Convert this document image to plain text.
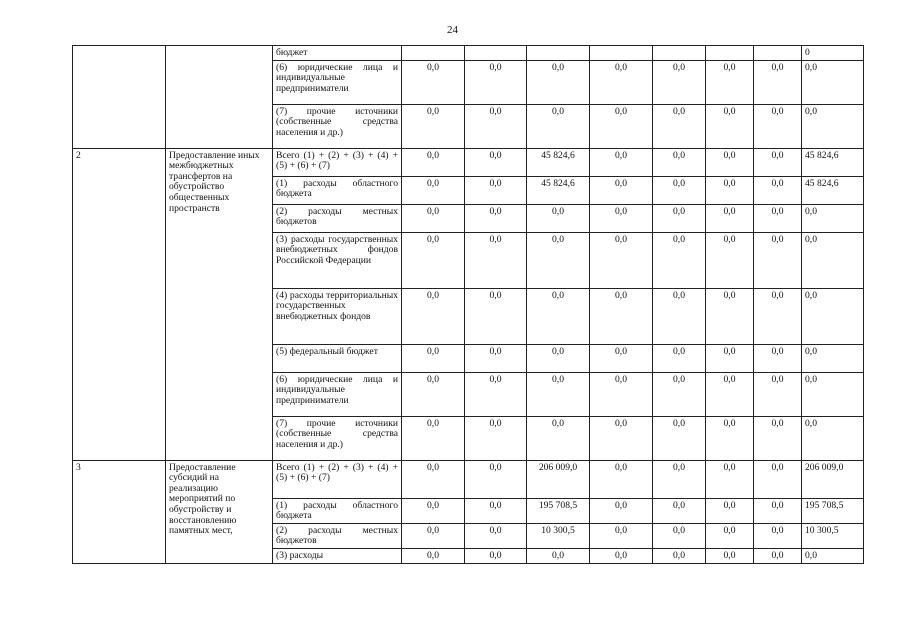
24
		бюджет								0
		(6) юридические лица и индивидуальные предприниматели	0,0	0,0	0,0	0,0	0,0	0,0	0,0	0,0
		(7) прочие источники (собственные средства населения и др.)	0,0	0,0	0,0	0,0	0,0	0,0	0,0	0,0
2	Предоставление иных межбюджетных трансфертов на обустройство общественных пространств	Всего (1) + (2) + (3) + (4) + (5) + (6) + (7)	0,0	0,0	45 824,6	0,0	0,0	0,0	0,0	45 824,6
		(1) расходы областного бюджета	0,0	0,0	45 824,6	0,0	0,0	0,0	0,0	45 824,6
		(2) расходы местных бюджетов	0,0	0,0	0,0	0,0	0,0	0,0	0,0	0,0
		(3) расходы государственных внебюджетных фондов Российской Федерации	0,0	0,0	0,0	0,0	0,0	0,0	0,0	0,0
		(4) расходы территориальных государственных внебюджетных фондов	0,0	0,0	0,0	0,0	0,0	0,0	0,0	0,0
		(5) федеральный бюджет	0,0	0,0	0,0	0,0	0,0	0,0	0,0	0,0
		(6) юридические лица и индивидуальные предприниматели	0,0	0,0	0,0	0,0	0,0	0,0	0,0	0,0
		(7) прочие источники (собственные средства населения и др.)	0,0	0,0	0,0	0,0	0,0	0,0	0,0	0,0
3	Предоставление субсидий на реализацию мероприятий по обустройству и восстановлению памятных мест,	Всего (1) + (2) + (3) + (4) + (5) + (6) + (7)	0,0	0,0	206 009,0	0,0	0,0	0,0	0,0	206 009,0
		(1) расходы областного бюджета	0,0	0,0	195 708,5	0,0	0,0	0,0	0,0	195 708,5
		(2) расходы местных бюджетов	0,0	0,0	10 300,5	0,0	0,0	0,0	0,0	10 300,5
		(3) расходы	0,0	0,0	0,0	0,0	0,0	0,0	0,0	0,0
